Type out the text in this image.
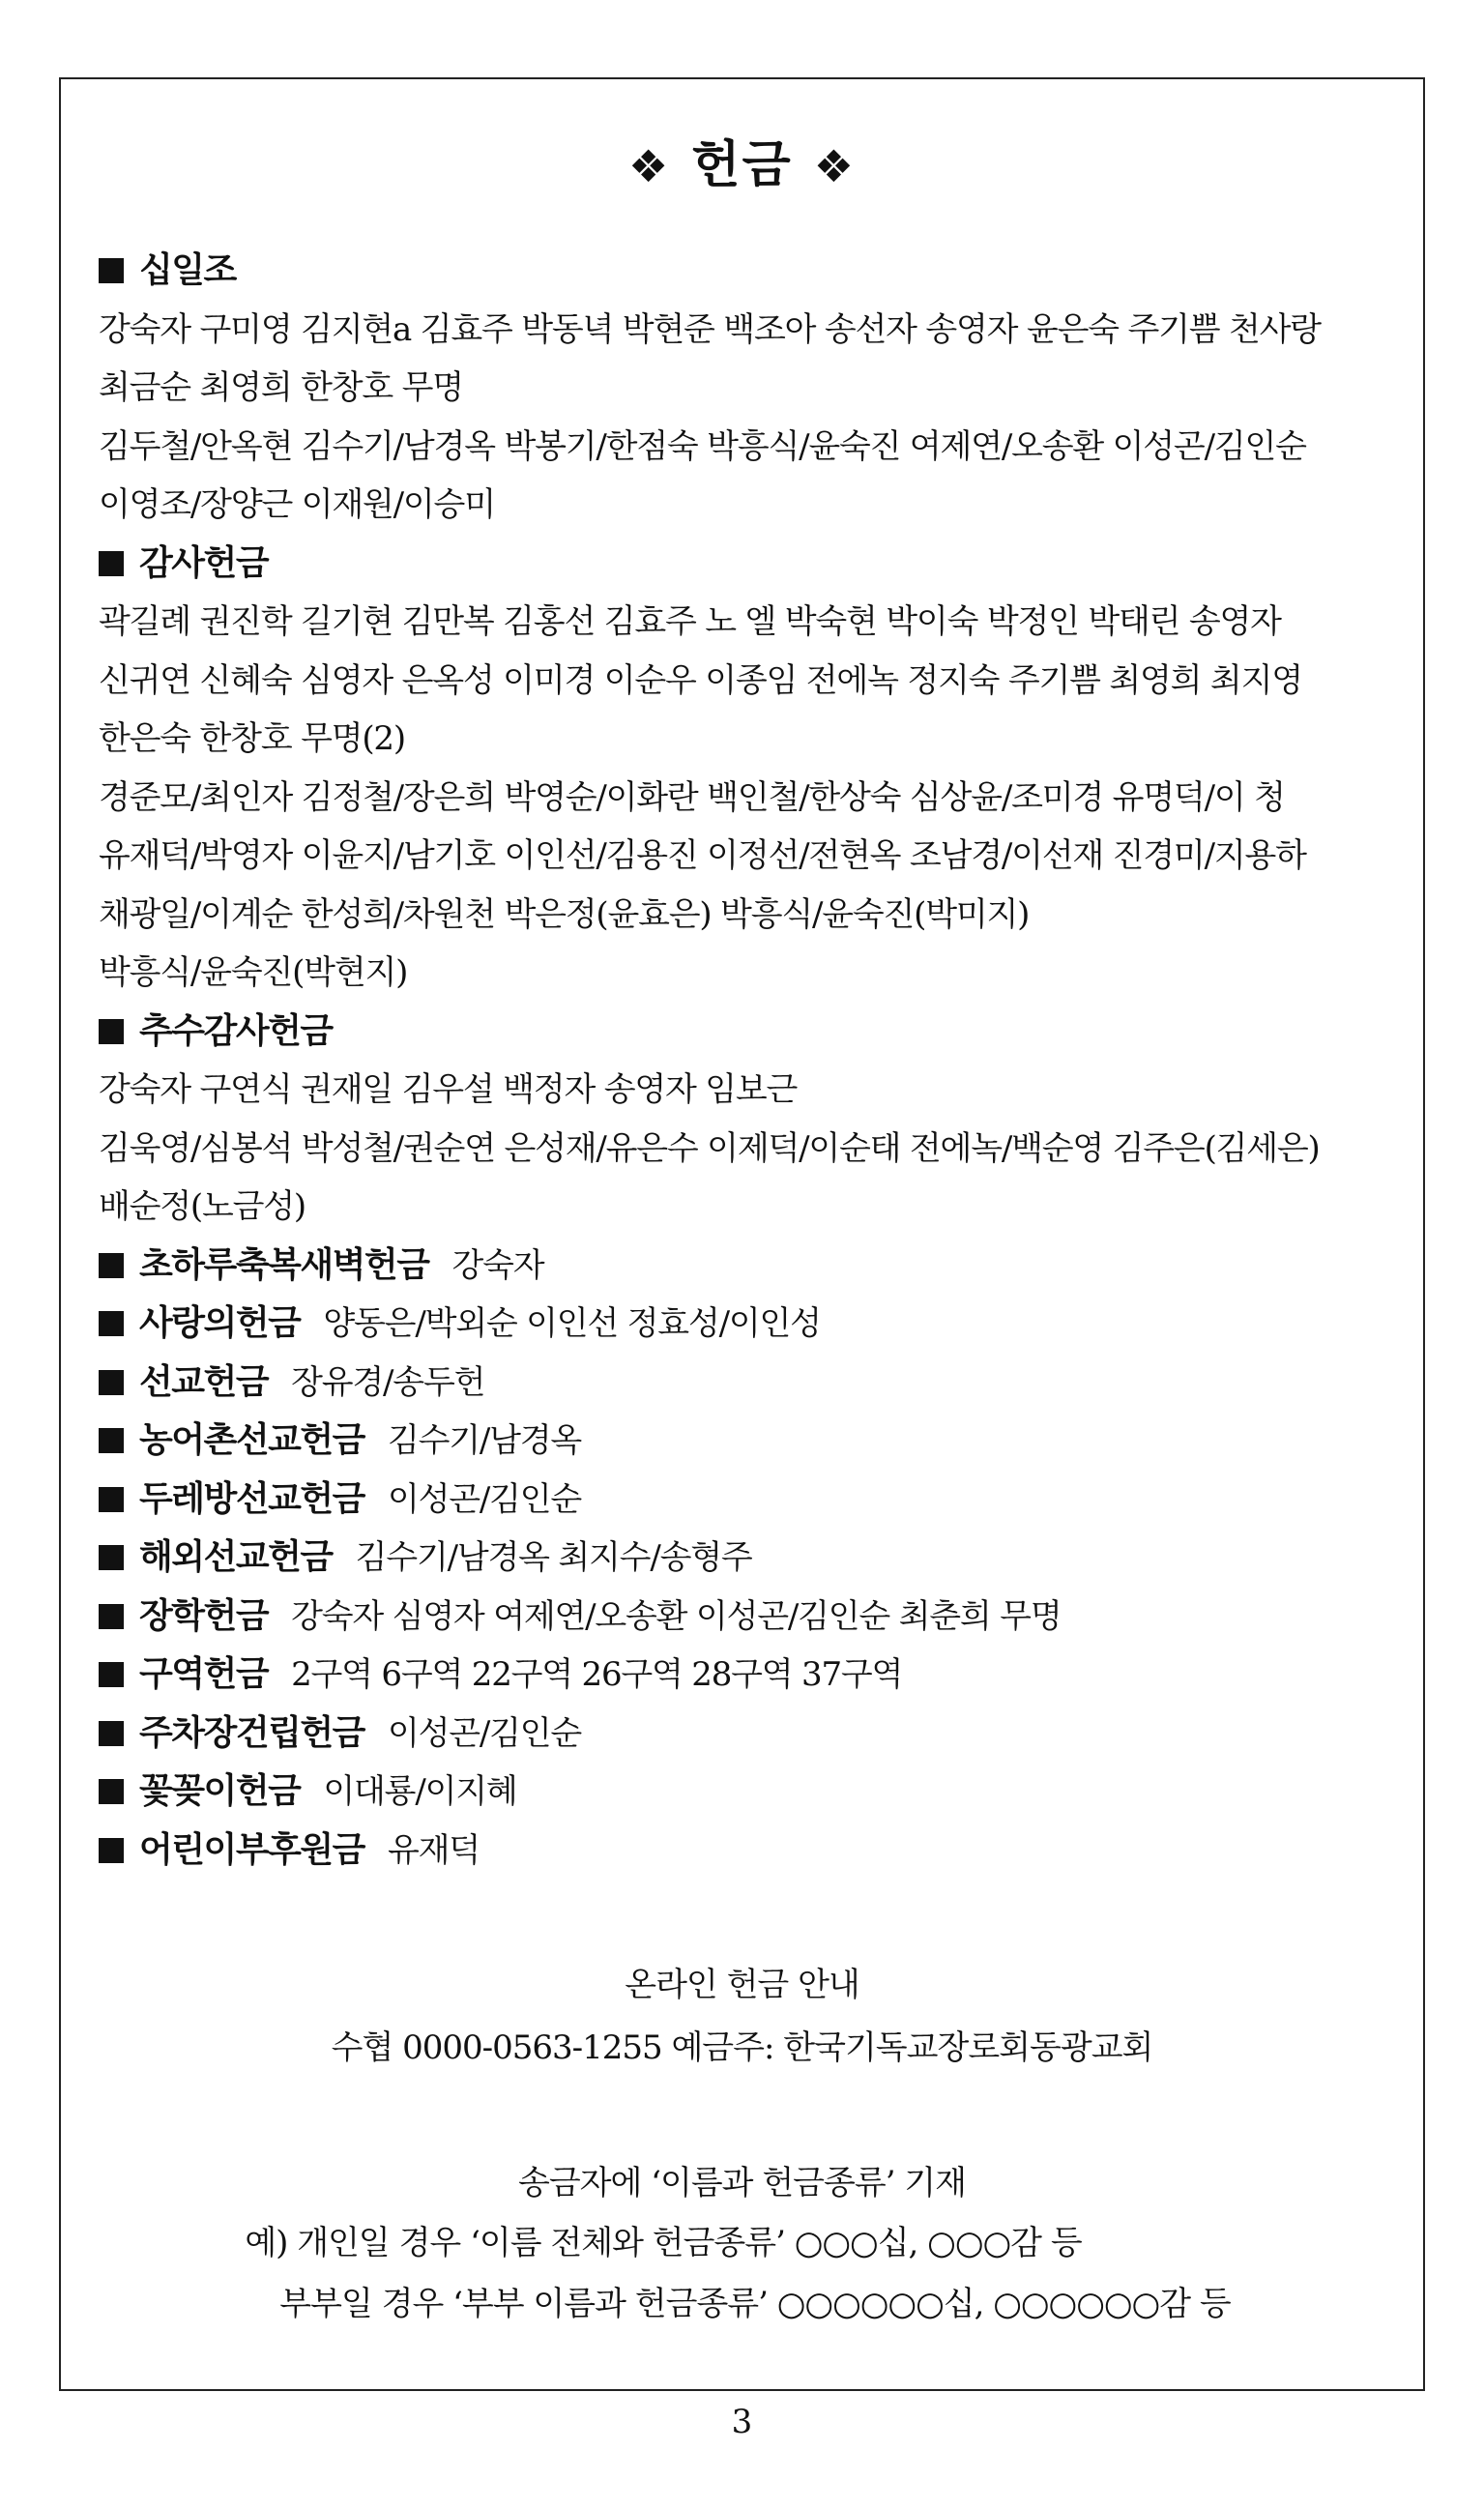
❖ 헌금 ❖
십일조
강숙자 구미영 김지현a 김효주 박동녁 박현준 백조아 송선자 송영자 윤은숙 주기쁨 천사랑
최금순 최영희 한창호 무명
김두철/안옥현 김수기/남경옥 박봉기/한점숙 박흥식/윤숙진 여제연/오송환 이성곤/김인순
이영조/장양근 이재원/이승미
감사헌금
곽길례 권진학 길기현 김만복 김홍선 김효주 노 엘 박숙현 박이숙 박정인 박태린 송영자
신귀연 신혜숙 심영자 은옥성 이미경 이순우 이종임 전에녹 정지숙 주기쁨 최영희 최지영
한은숙 한창호 무명(2)
경준모/최인자 김정철/장은희 박영순/이화란 백인철/한상숙 심상윤/조미경 유명덕/이 청
유재덕/박영자 이윤지/남기호 이인선/김용진 이정선/전현옥 조남경/이선재 진경미/지용하
채광일/이계순 한성희/차원천 박은정(윤효은) 박흥식/윤숙진(박미지)
박흥식/윤숙진(박현지)
추수감사헌금
강숙자 구연식 권재일 김우설 백정자 송영자 임보근
김욱영/심봉석 박성철/권순연 은성재/유은수 이제덕/이순태 전에녹/백순영 김주은(김세은)
배순정(노금성)
초하루축복새벽헌금 강숙자
사랑의헌금 양동은/박외순 이인선 정효성/이인성
선교헌금 장유경/송두헌
농어촌선교헌금 김수기/남경옥
두레방선교헌금 이성곤/김인순
해외선교헌금 김수기/남경옥 최지수/송형주
장학헌금 강숙자 심영자 여제연/오송환 이성곤/김인순 최춘희 무명
구역헌금 2구역 6구역 22구역 26구역 28구역 37구역
주차장건립헌금 이성곤/김인순
꽃꽂이헌금 이대룡/이지혜
어린이부후원금 유재덕
온라인 헌금 안내
수협 0000-0563-1255 예금주: 한국기독교장로회동광교회
송금자에 ‘이름과 헌금종류’ 기재
예) 개인일 경우 ‘이름 전체와 헌금종류’ ○○○십, ○○○감 등
부부일 경우 ‘부부 이름과 헌금종류’ ○○○○○○십, ○○○○○○감 등
3
